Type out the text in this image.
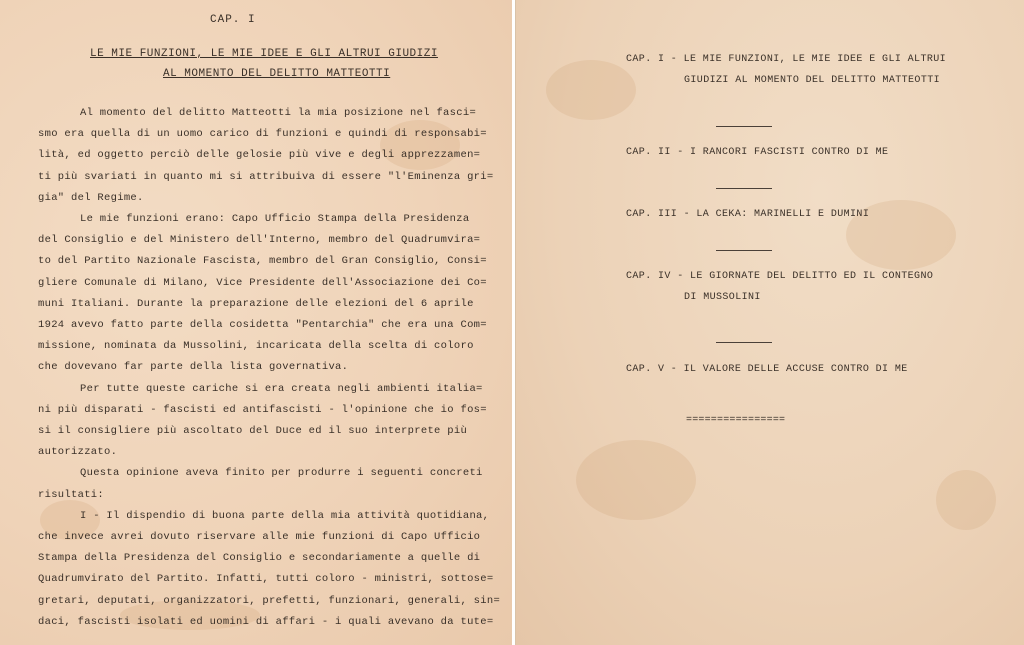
CAP. I
LE MIE FUNZIONI, LE MIE IDEE E GLI ALTRUI GIUDIZI
AL MOMENTO DEL DELITTO MATTEOTTI
Al momento del delitto Matteotti la mia posizione nel fasci=
smo era quella di un uomo carico di funzioni e quindi di responsabi=
lità, ed oggetto perciò delle gelosie più vive e degli apprezzamen=
ti più svariati in quanto mi si attribuiva di essere "l'Eminenza gri=
gia" del Regime.
Le mie funzioni erano: Capo Ufficio Stampa della Presidenza
del Consiglio e del Ministero dell'Interno, membro del Quadrumvira=
to del Partito Nazionale Fascista, membro del Gran Consiglio, Consi=
gliere Comunale di Milano, Vice Presidente dell'Associazione dei Co=
muni Italiani. Durante la preparazione delle elezioni del 6 aprile
1924 avevo fatto parte della cosidetta "Pentarchia" che era una Com=
missione, nominata da Mussolini, incaricata della scelta di coloro
che dovevano far parte della lista governativa.
Per tutte queste cariche si era creata negli ambienti italia=
ni più disparati - fascisti ed antifascisti - l'opinione che io fos=
si il consigliere più ascoltato del Duce ed il suo interprete più
autorizzato.
Questa opinione aveva finito per produrre i seguenti concreti
risultati:
I - Il dispendio di buona parte della mia attività quotidiana,
che invece avrei dovuto riservare alle mie funzioni di Capo Ufficio
Stampa della Presidenza del Consiglio e secondariamente a quelle di
Quadrumvirato del Partito. Infatti, tutti coloro - ministri, sottose=
gretari, deputati, organizzatori, prefetti, funzionari, generali, sin=
daci, fascisti isolati ed uomini di affari - i quali avevano da tute=
CAP. I - LE MIE FUNZIONI, LE MIE IDEE E GLI ALTRUI
GIUDIZI AL MOMENTO DEL DELITTO MATTEOTTI
CAP. II - I RANCORI FASCISTI CONTRO DI ME
CAP. III - LA CEKA: MARINELLI E DUMINI
CAP. IV - LE GIORNATE DEL DELITTO ED IL CONTEGNO
DI MUSSOLINI
CAP. V - IL VALORE DELLE ACCUSE CONTRO DI ME
================
